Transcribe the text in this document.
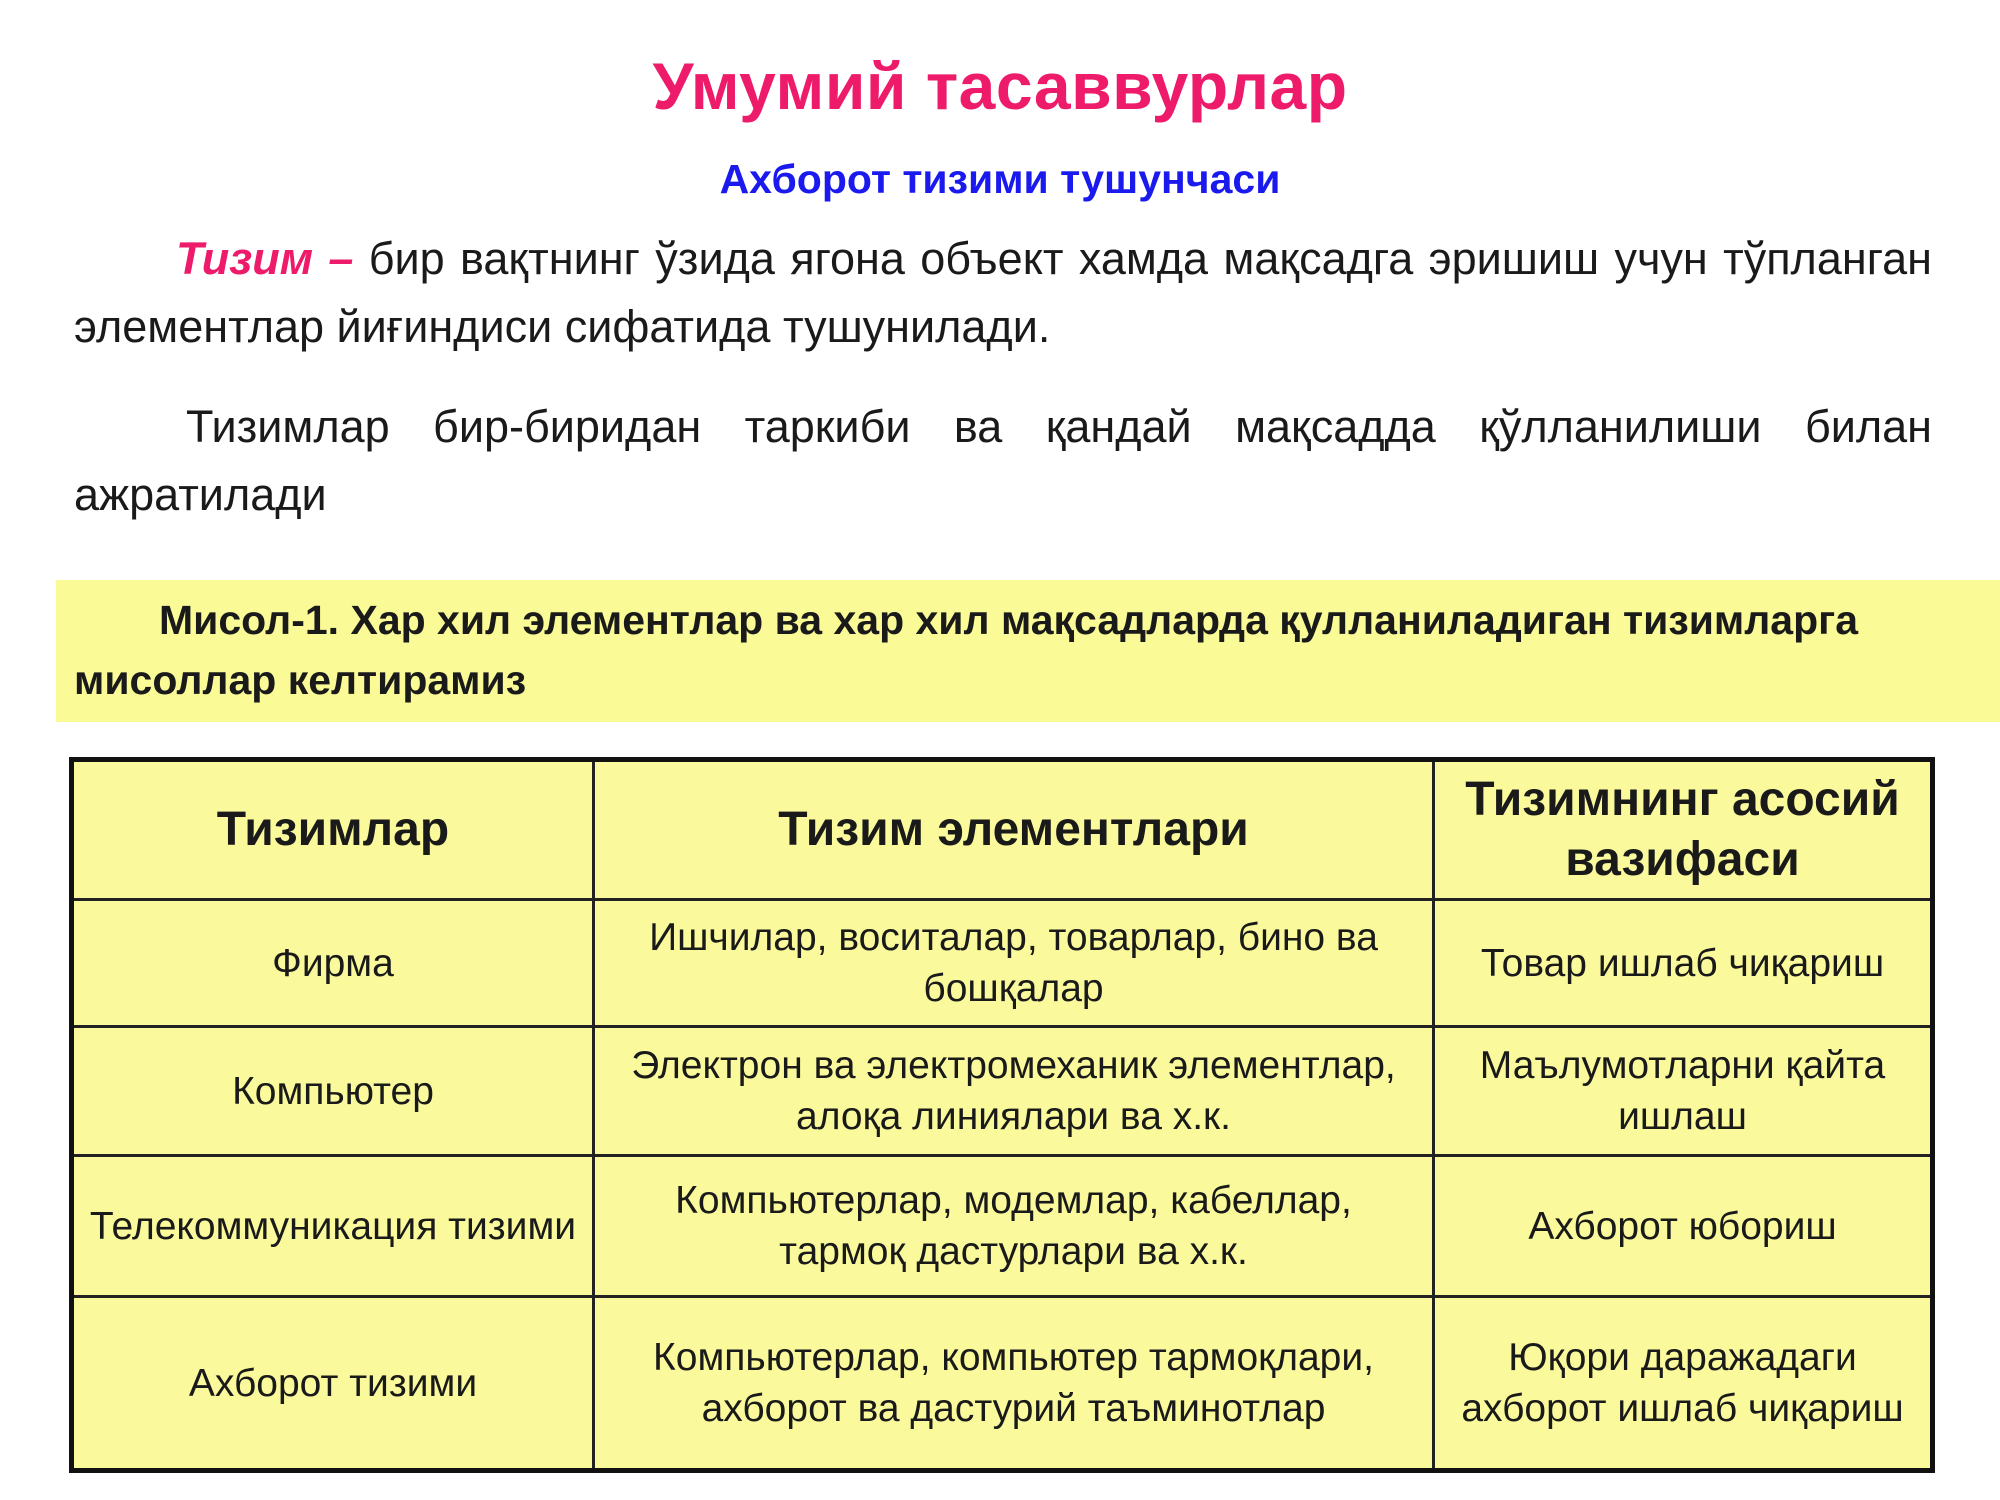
Умумий тасаввурлар
Ахборот тизими тушунчаси
Тизим – бир вақтнинг ўзида ягона объект хамда мақсадга эришиш учун тўпланган элементлар йиғиндиси сифатида тушунилади.
Тизимлар бир-биридан таркиби ва қандай мақсадда қўлланилиши билан ажратилади
Мисол-1. Хар хил элементлар ва хар хил мақсадларда қулланиладиган тизимларга мисоллар келтирамиз
Тизимлар	Тизим элементлари	Тизимнинг асосий вазифаси
Фирма	Ишчилар, воситалар, товарлар, бино ва бошқалар	Товар ишлаб чиқариш
Компьютер	Электрон ва электромеханик элементлар, алоқа линиялари ва х.к.	Маълумотларни қайта ишлаш
Телекоммуникация тизими	Компьютерлар, модемлар, кабеллар, тармоқ дастурлари ва х.к.	Ахборот юбориш
Ахборот тизими	Компьютерлар, компьютер тармоқлари, ахборот ва дастурий таъминотлар	Юқори даражадаги ахборот ишлаб чиқариш
